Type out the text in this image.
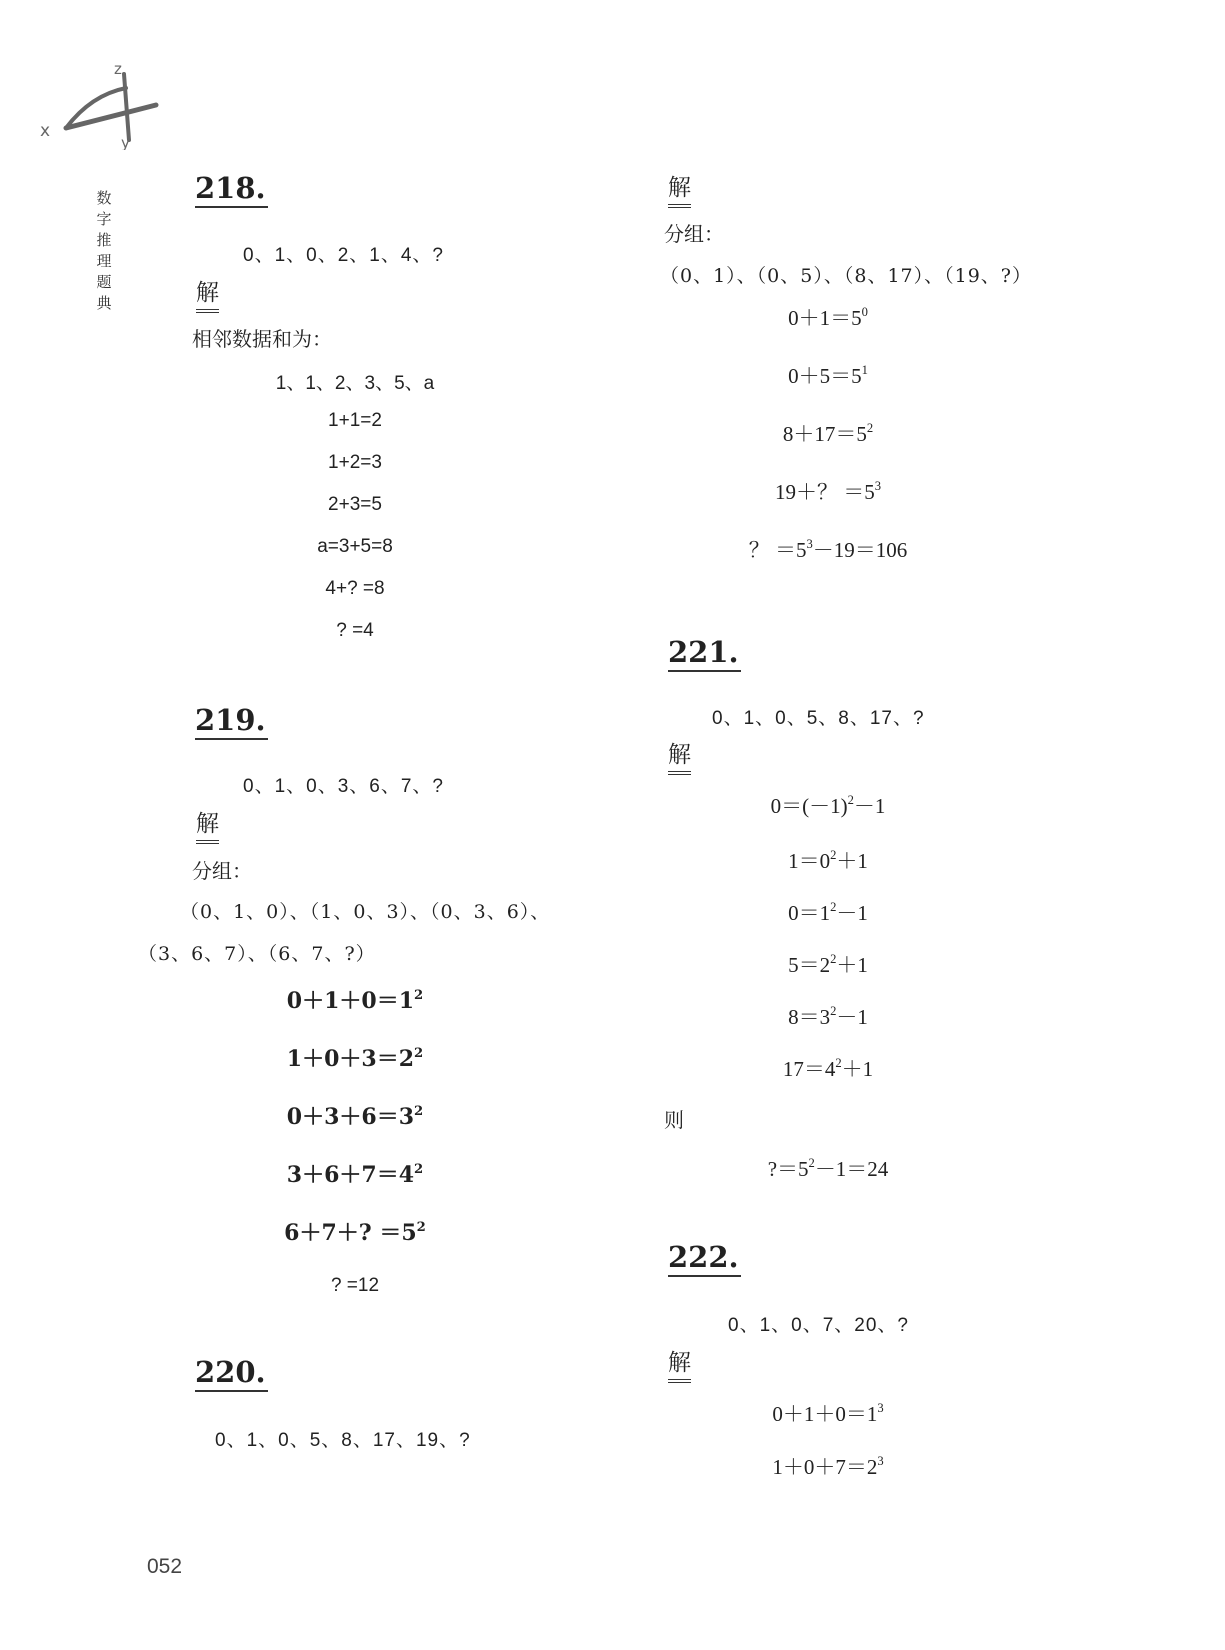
x
y
z
数
字
推
理
题
典
218.
0、1、0、2、1、4、?
解
相邻数据和为：
1、1、2、3、5、a
1+1=2
1+2=3
2+3=5
a=3+5=8
4+? =8
? =4
219.
0、1、0、3、6、7、?
解
分组：
（0、1、0）、（1、0、3）、（0、3、6）、
（3、6、7）、（6、7、?）
$0+1+0=1^2$
$1+0+3=2^2$
$0+3+6=3^2$
$3+6+7=4^2$
6＋7＋? $=5^2$
? =12
220.
0、1、0、5、8、17、19、?
解
分组：
（0、1）、（0、5）、（8、17）、（19、?）
$0+1=5^0$
$0+5=5^1$
$8+17=5^2$
19＋？ $=5^3$
？ $=5^3-19=106$
221.
0、1、0、5、8、17、?
解
$0=(-1)^2-1$
$1=0^2+1$
$0=1^2-1$
$5=2^2+1$
$8=3^2-1$
$17=4^2+1$
则
$?=5^2-1=24$
222.
0、1、0、7、20、?
解
$0+1+0=1^3$
$1+0+7=2^3$
052
